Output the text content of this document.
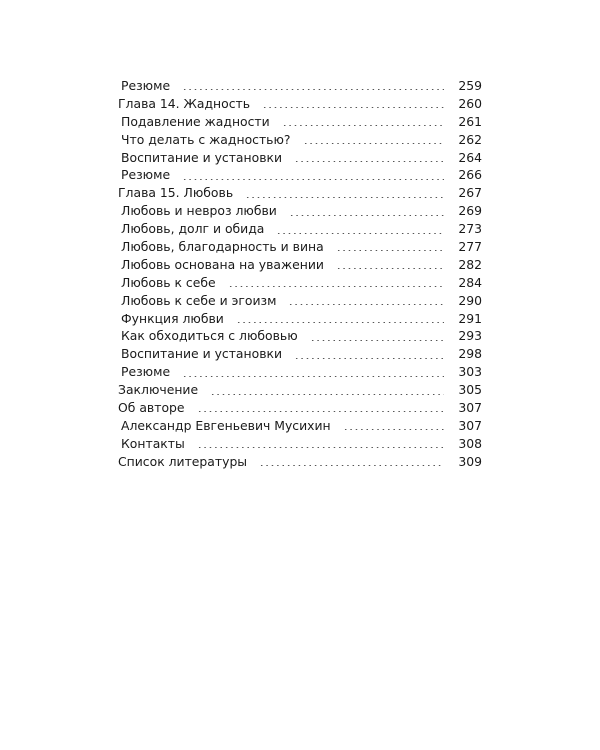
Резюме	259
Глава 14. Жадность	260
Подавление жадности	261
Что делать с жадностью?	262
Воспитание и установки	264
Резюме	266
Глава 15. Любовь	267
Любовь и невроз любви	269
Любовь, долг и обида	273
Любовь, благодарность и вина	277
Любовь основана на уважении	282
Любовь к себе	284
Любовь к себе и эгоизм	290
Функция любви	291
Как обходиться с любовью	293
Воспитание и установки	298
Резюме	303
Заключение	305
Об авторе	307
Александр Евгеньевич Мусихин	307
Контакты	308
Список литературы	309
